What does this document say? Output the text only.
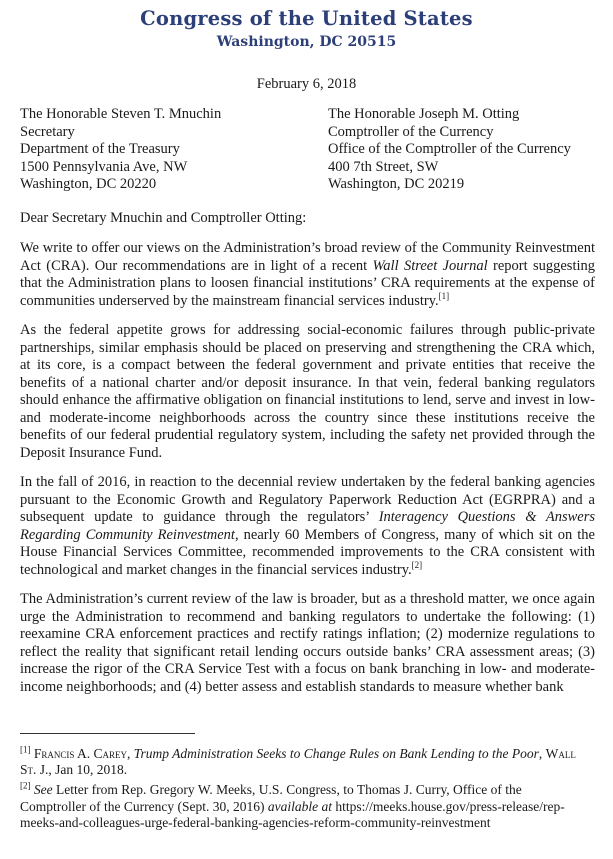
Congress of the United States
Washington, DC 20515
February 6, 2018
The Honorable Steven T. Mnuchin
Secretary
Department of the Treasury
1500 Pennsylvania Ave, NW
Washington, DC 20220
The Honorable Joseph M. Otting
Comptroller of the Currency
Office of the Comptroller of the Currency
400 7th Street, SW
Washington, DC 20219
Dear Secretary Mnuchin and Comptroller Otting:

We write to offer our views on the Administration’s broad review of the Community Reinvestment Act (CRA). Our recommendations are in light of a recent Wall Street Journal report suggesting that the Administration plans to loosen financial institutions’ CRA requirements at the expense of communities underserved by the mainstream financial services industry.[1]

As the federal appetite grows for addressing social-economic failures through public-private partnerships, similar emphasis should be placed on preserving and strengthening the CRA which, at its core, is a compact between the federal government and private entities that receive the benefits of a national charter and/or deposit insurance. In that vein, federal banking regulators should enhance the affirmative obligation on financial institutions to lend, serve and invest in low- and moderate-income neighborhoods across the country since these institutions receive the benefits of our federal prudential regulatory system, including the safety net provided through the Deposit Insurance Fund.

In the fall of 2016, in reaction to the decennial review undertaken by the federal banking agencies pursuant to the Economic Growth and Regulatory Paperwork Reduction Act (EGRPRA) and a subsequent update to guidance through the regulators’ Interagency Questions & Answers Regarding Community Reinvestment, nearly 60 Members of Congress, many of which sit on the House Financial Services Committee, recommended improvements to the CRA consistent with technological and market changes in the financial services industry.[2]

The Administration’s current review of the law is broader, but as a threshold matter, we once again urge the Administration to recommend and banking regulators to undertake the following: (1) reexamine CRA enforcement practices and rectify ratings inflation; (2) modernize regulations to reflect the reality that significant retail lending occurs outside banks’ CRA assessment areas; (3) increase the rigor of the CRA Service Test with a focus on bank branching in low- and moderate-income neighborhoods; and (4) better assess and establish standards to measure whether bank

[1] Francis A. Carey, Trump Administration Seeks to Change Rules on Bank Lending to the Poor, Wall St. J., Jan 10, 2018.
[2] See Letter from Rep. Gregory W. Meeks, U.S. Congress, to Thomas J. Curry, Office of the Comptroller of the Currency (Sept. 30, 2016) available at https://meeks.house.gov/press-release/rep-meeks-and-colleagues-urge-federal-banking-agencies-reform-community-reinvestment
